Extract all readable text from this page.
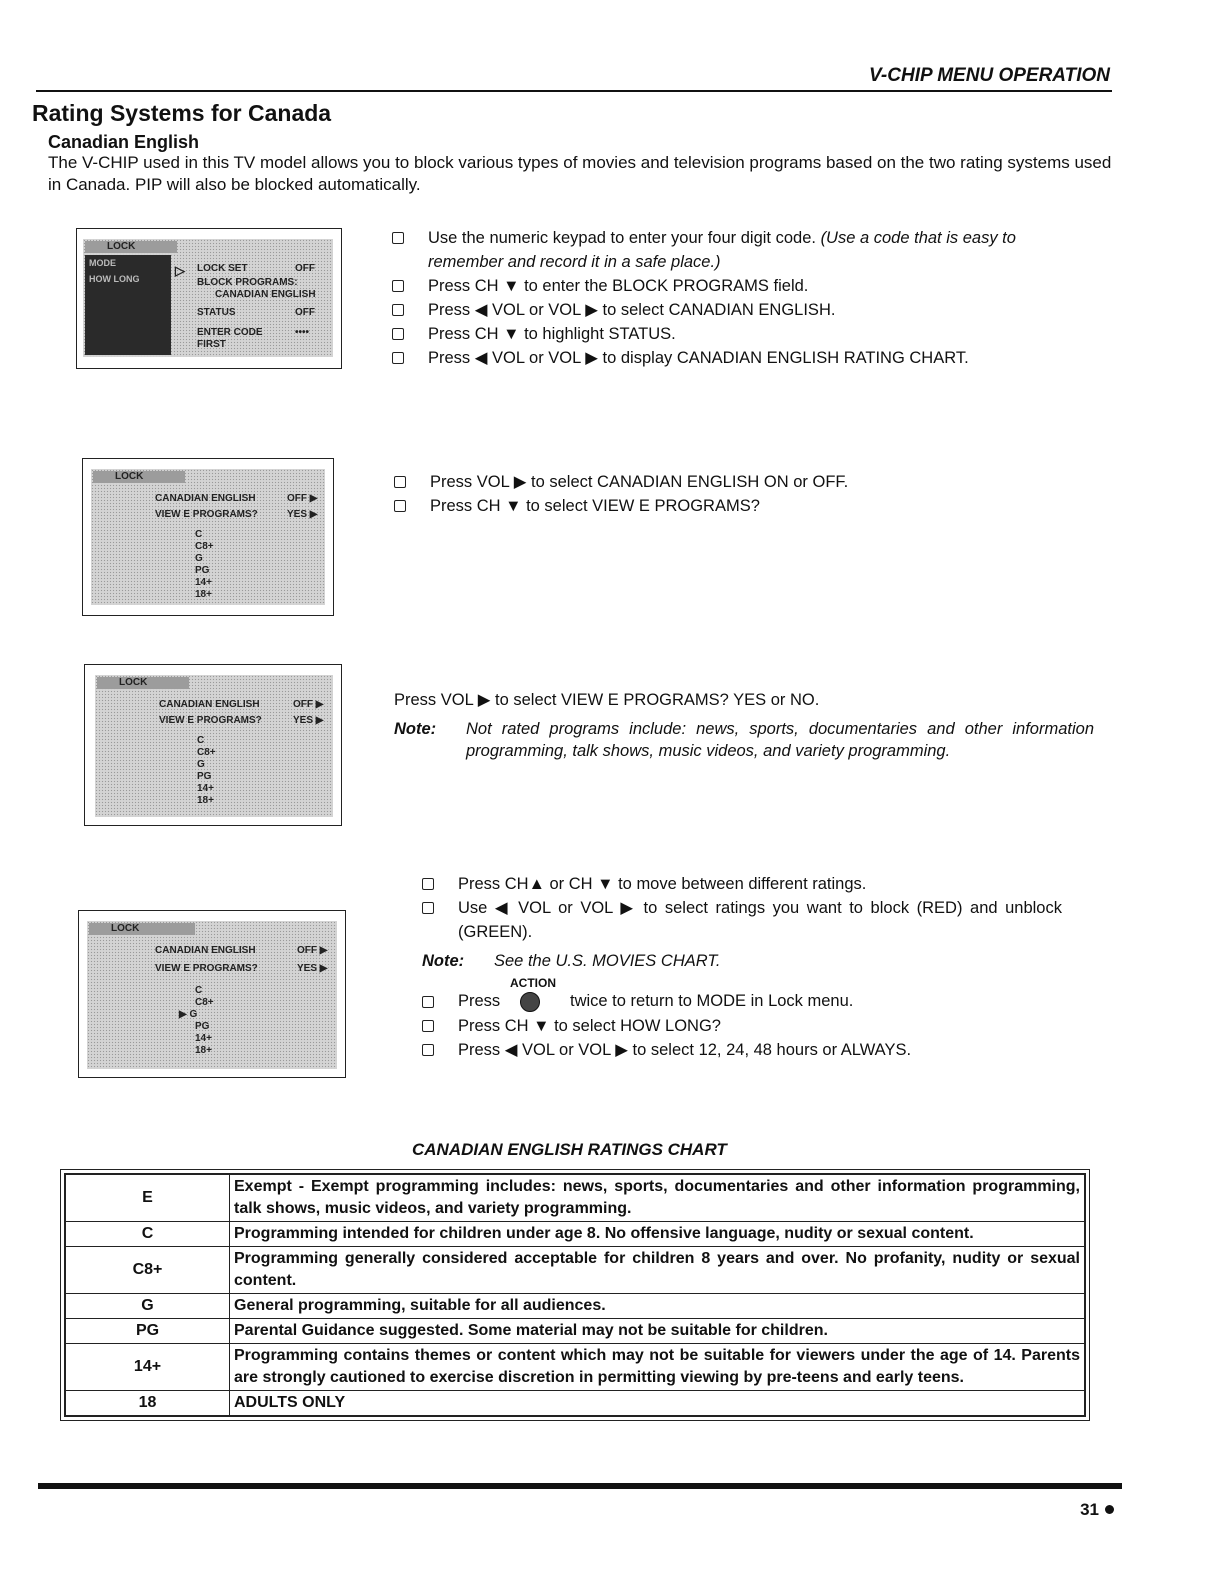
V-CHIP MENU OPERATION
Rating Systems for Canada
Canadian English
The V-CHIP used in this TV model allows you to block various types of movies and television programs based on the two rating systems used in Canada. PIP will also be blocked automatically.
LOCK
MODE
HOW LONG
▷ LOCK SET	OFF
BLOCK PROGRAMS:
CANADIAN ENGLISH
STATUS	OFF
ENTER CODE	••••
FIRST
Use the numeric keypad to enter your four digit code. (Use a code that is easy to remember and record it in a safe place.)
Press CH ▼ to enter the BLOCK PROGRAMS field.
Press ◀ VOL or VOL ▶ to select CANADIAN ENGLISH.
Press CH ▼ to highlight STATUS.
Press ◀ VOL or VOL ▶ to display CANADIAN ENGLISH RATING CHART.
LOCK
CANADIAN ENGLISH	OFF ▶
VIEW E PROGRAMS?	YES ▶
C
C8+
G
PG
14+
18+
Press VOL ▶ to select CANADIAN ENGLISH ON or OFF.
Press CH ▼ to select VIEW E PROGRAMS?
LOCK
CANADIAN ENGLISH	OFF ▶
VIEW E PROGRAMS?	YES ▶
C
C8+
G
PG
14+
18+
Press VOL ▶ to select VIEW E PROGRAMS? YES or NO.
Note: Not rated programs include: news, sports, documentaries and other information programming, talk shows, music videos, and variety programming.
LOCK
CANADIAN ENGLISH	OFF ▶
VIEW E PROGRAMS?	YES ▶
C
C8+
▶ G
PG
14+
18+
Press CH▲ or CH ▼ to move between different ratings.
Use ◀ VOL or VOL ▶ to select ratings you want to block (RED) and unblock (GREEN).
Note: See the U.S. MOVIES CHART.
ACTION
Press	twice to return to MODE in Lock menu.
Press CH ▼ to select HOW LONG?
Press ◀ VOL or VOL ▶ to select 12, 24, 48 hours or ALWAYS.
CANADIAN ENGLISH RATINGS CHART
E	Exempt - Exempt programming includes: news, sports, documentaries and other information programming, talk shows, music videos, and variety programming.
C	Programming intended for children under age 8. No offensive language, nudity or sexual content.
C8+	Programming generally considered acceptable for children 8 years and over. No profanity, nudity or sexual content.
G	General programming, suitable for all audiences.
PG	Parental Guidance suggested. Some material may not be suitable for children.
14+	Programming contains themes or content which may not be suitable for viewers under the age of 14. Parents are strongly cautioned to exercise discretion in permitting viewing by pre-teens and early teens.
18	ADULTS ONLY
31
